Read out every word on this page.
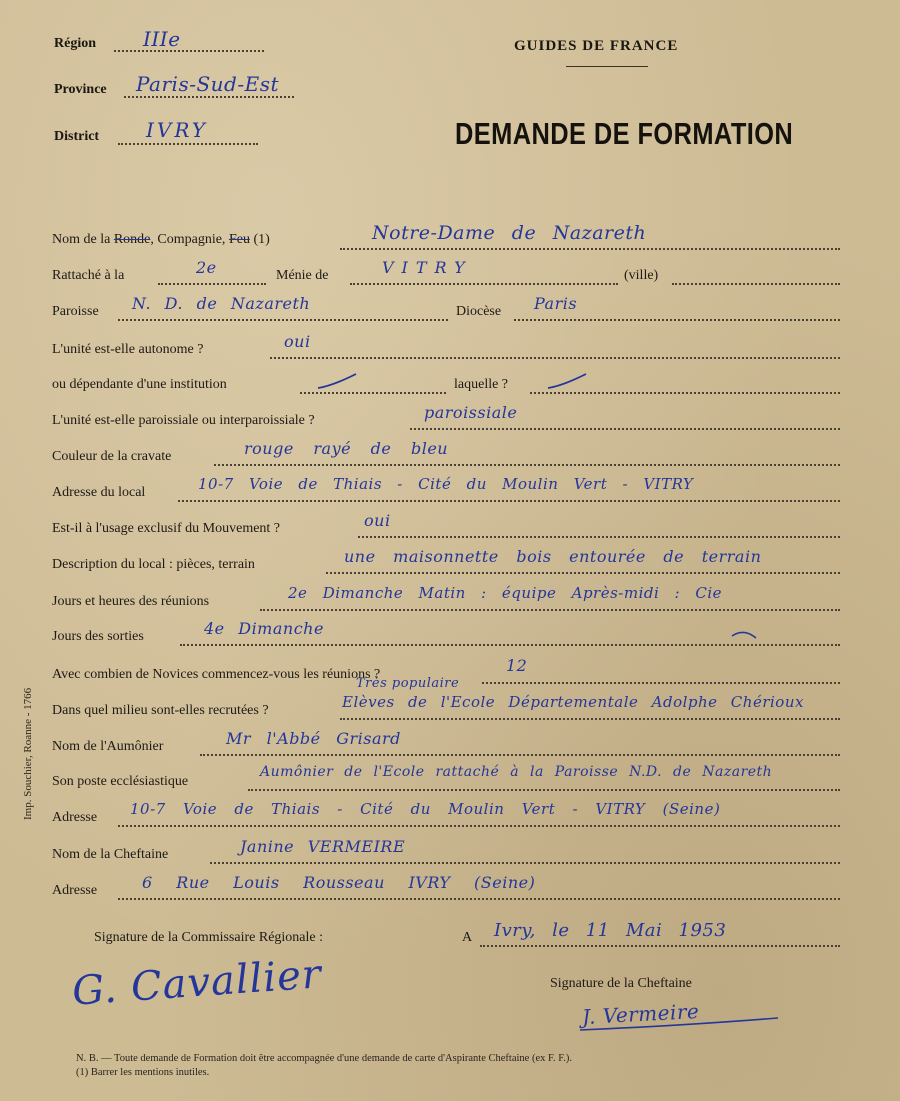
Région IIIe
Province Paris-Sud-Est
District IVRY
GUIDES DE FRANCE
DEMANDE DE FORMATION
Nom de la Ronde, Compagnie, Feu (1)	Notre-Dame de Nazareth
Rattaché à la	2e	Ménie de	VITRY	(ville)
Paroisse N. D. de Nazareth	Diocèse Paris
L'unité est-elle autonome ?	oui
ou dépendante d'une institution	laquelle ?
L'unité est-elle paroissiale ou interparoissiale ?	paroissiale
Couleur de la cravate	rouge rayé de bleu
Adresse du local	10-7 Voie de Thiais - Cité du Moulin Vert - VITRY
Est-il à l'usage exclusif du Mouvement ?	oui
Description du local : pièces, terrain	une maisonnette bois entourée de terrain
Jours et heures des réunions	2e Dimanche Matin : équipe Après-midi : Cie
Jours des sorties	4e Dimanche
Avec combien de Novices commencez-vous les réunions ?	12
Dans quel milieu sont-elles recrutées ?
Très populaire
Elèves de l'Ecole Départementale Adolphe Chérioux
Nom de l'Aumônier	Mr l'Abbé Grisard
Son poste ecclésiastique
Aumônier de l'Ecole rattaché à la Paroisse N.D. de Nazareth
Adresse 10-7 Voie de Thiais - Cité du Moulin Vert - VITRY (Seine)
Nom de la Cheftaine	Janine VERMEIRE
Adresse	6 Rue Louis Rousseau IVRY (Seine)
Signature de la Commissaire Régionale :	A Ivry, le 11 Mai 1953
G. Cavallier	Signature de la Cheftaine
J. Vermeire
N. B. — Toute demande de Formation doit être accompagnée d'une demande de carte d'Aspirante Cheftaine (ex F. F.).
(1) Barrer les mentions inutiles.
Imp. Souchier, Roanne - 1766
